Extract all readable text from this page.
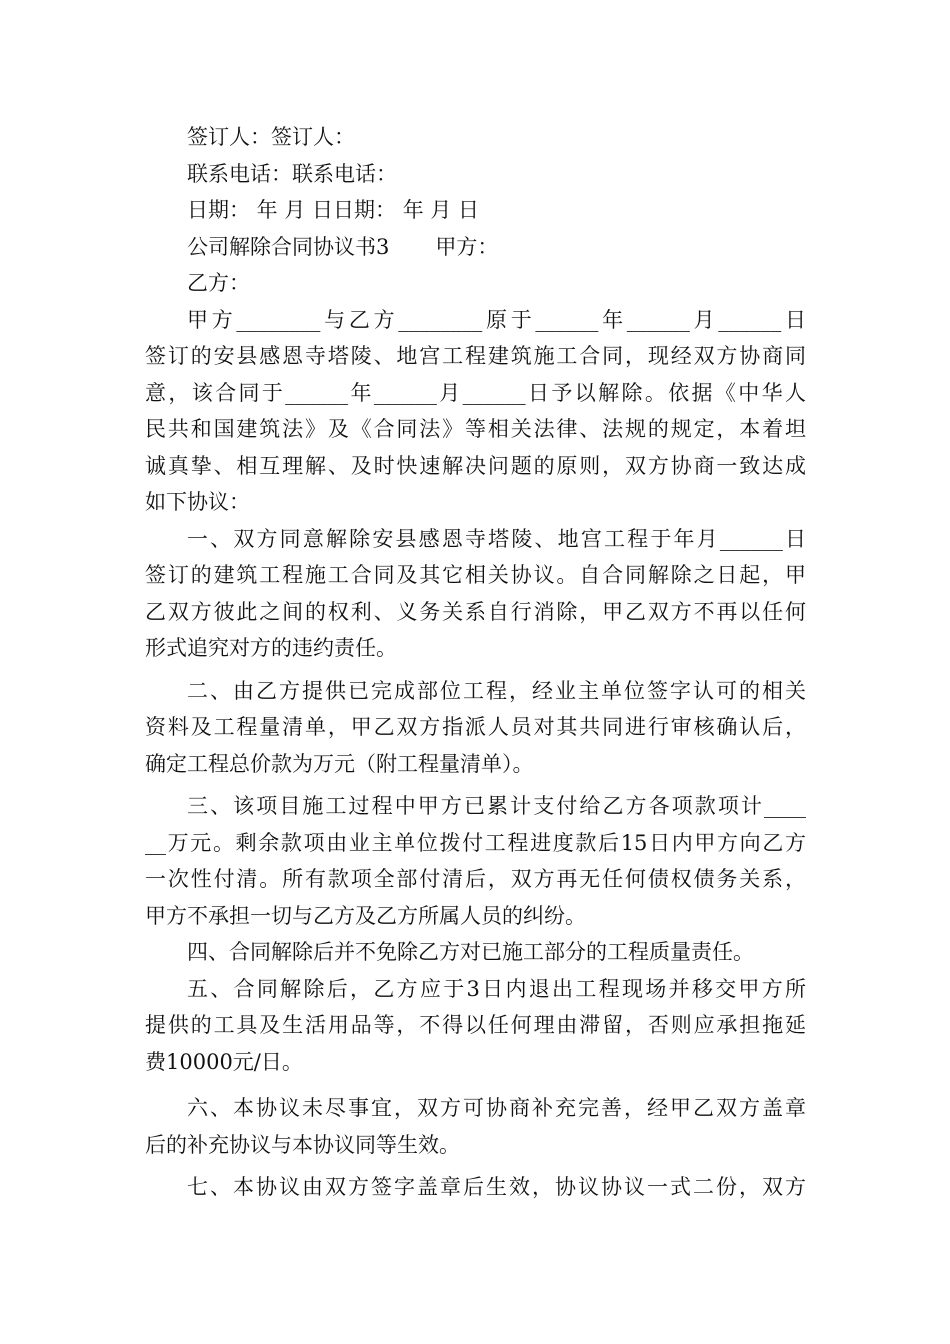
签订人：签订人：

联系电话：联系电话：

日期： 年 月 日日期： 年 月 日

公司解除合同协议书3 甲方：

乙方：

甲方________与乙方________原于______年______月______日
签订的安县感恩寺塔陵、地宫工程建筑施工合同，现经双方协商同
意，该合同于______年______月______日予以解除。依据《中华人
民共和国建筑法》及《合同法》等相关法律、法规的规定，本着坦
诚真挚、相互理解、及时快速解决问题的原则，双方协商一致达成
如下协议：
一、双方同意解除安县感恩寺塔陵、地宫工程于年月______日
签订的建筑工程施工合同及其它相关协议。自合同解除之日起，甲
乙双方彼此之间的权利、义务关系自行消除，甲乙双方不再以任何
形式追究对方的违约责任。
二、由乙方提供已完成部位工程，经业主单位签字认可的相关
资料及工程量清单，甲乙双方指派人员对其共同进行审核确认后，
确定工程总价款为万元（附工程量清单）。
三、该项目施工过程中甲方已累计支付给乙方各项款项计____
__万元。剩余款项由业主单位拨付工程进度款后15日内甲方向乙方
一次性付清。所有款项全部付清后，双方再无任何债权债务关系，
甲方不承担一切与乙方及乙方所属人员的纠纷。
四、合同解除后并不免除乙方对已施工部分的工程质量责任。
五、合同解除后，乙方应于3日内退出工程现场并移交甲方所
提供的工具及生活用品等，不得以任何理由滞留，否则应承担拖延
费10000元/日。
六、本协议未尽事宜，双方可协商补充完善，经甲乙双方盖章
后的补充协议与本协议同等生效。
七、本协议由双方签字盖章后生效，协议协议一式二份，双方
